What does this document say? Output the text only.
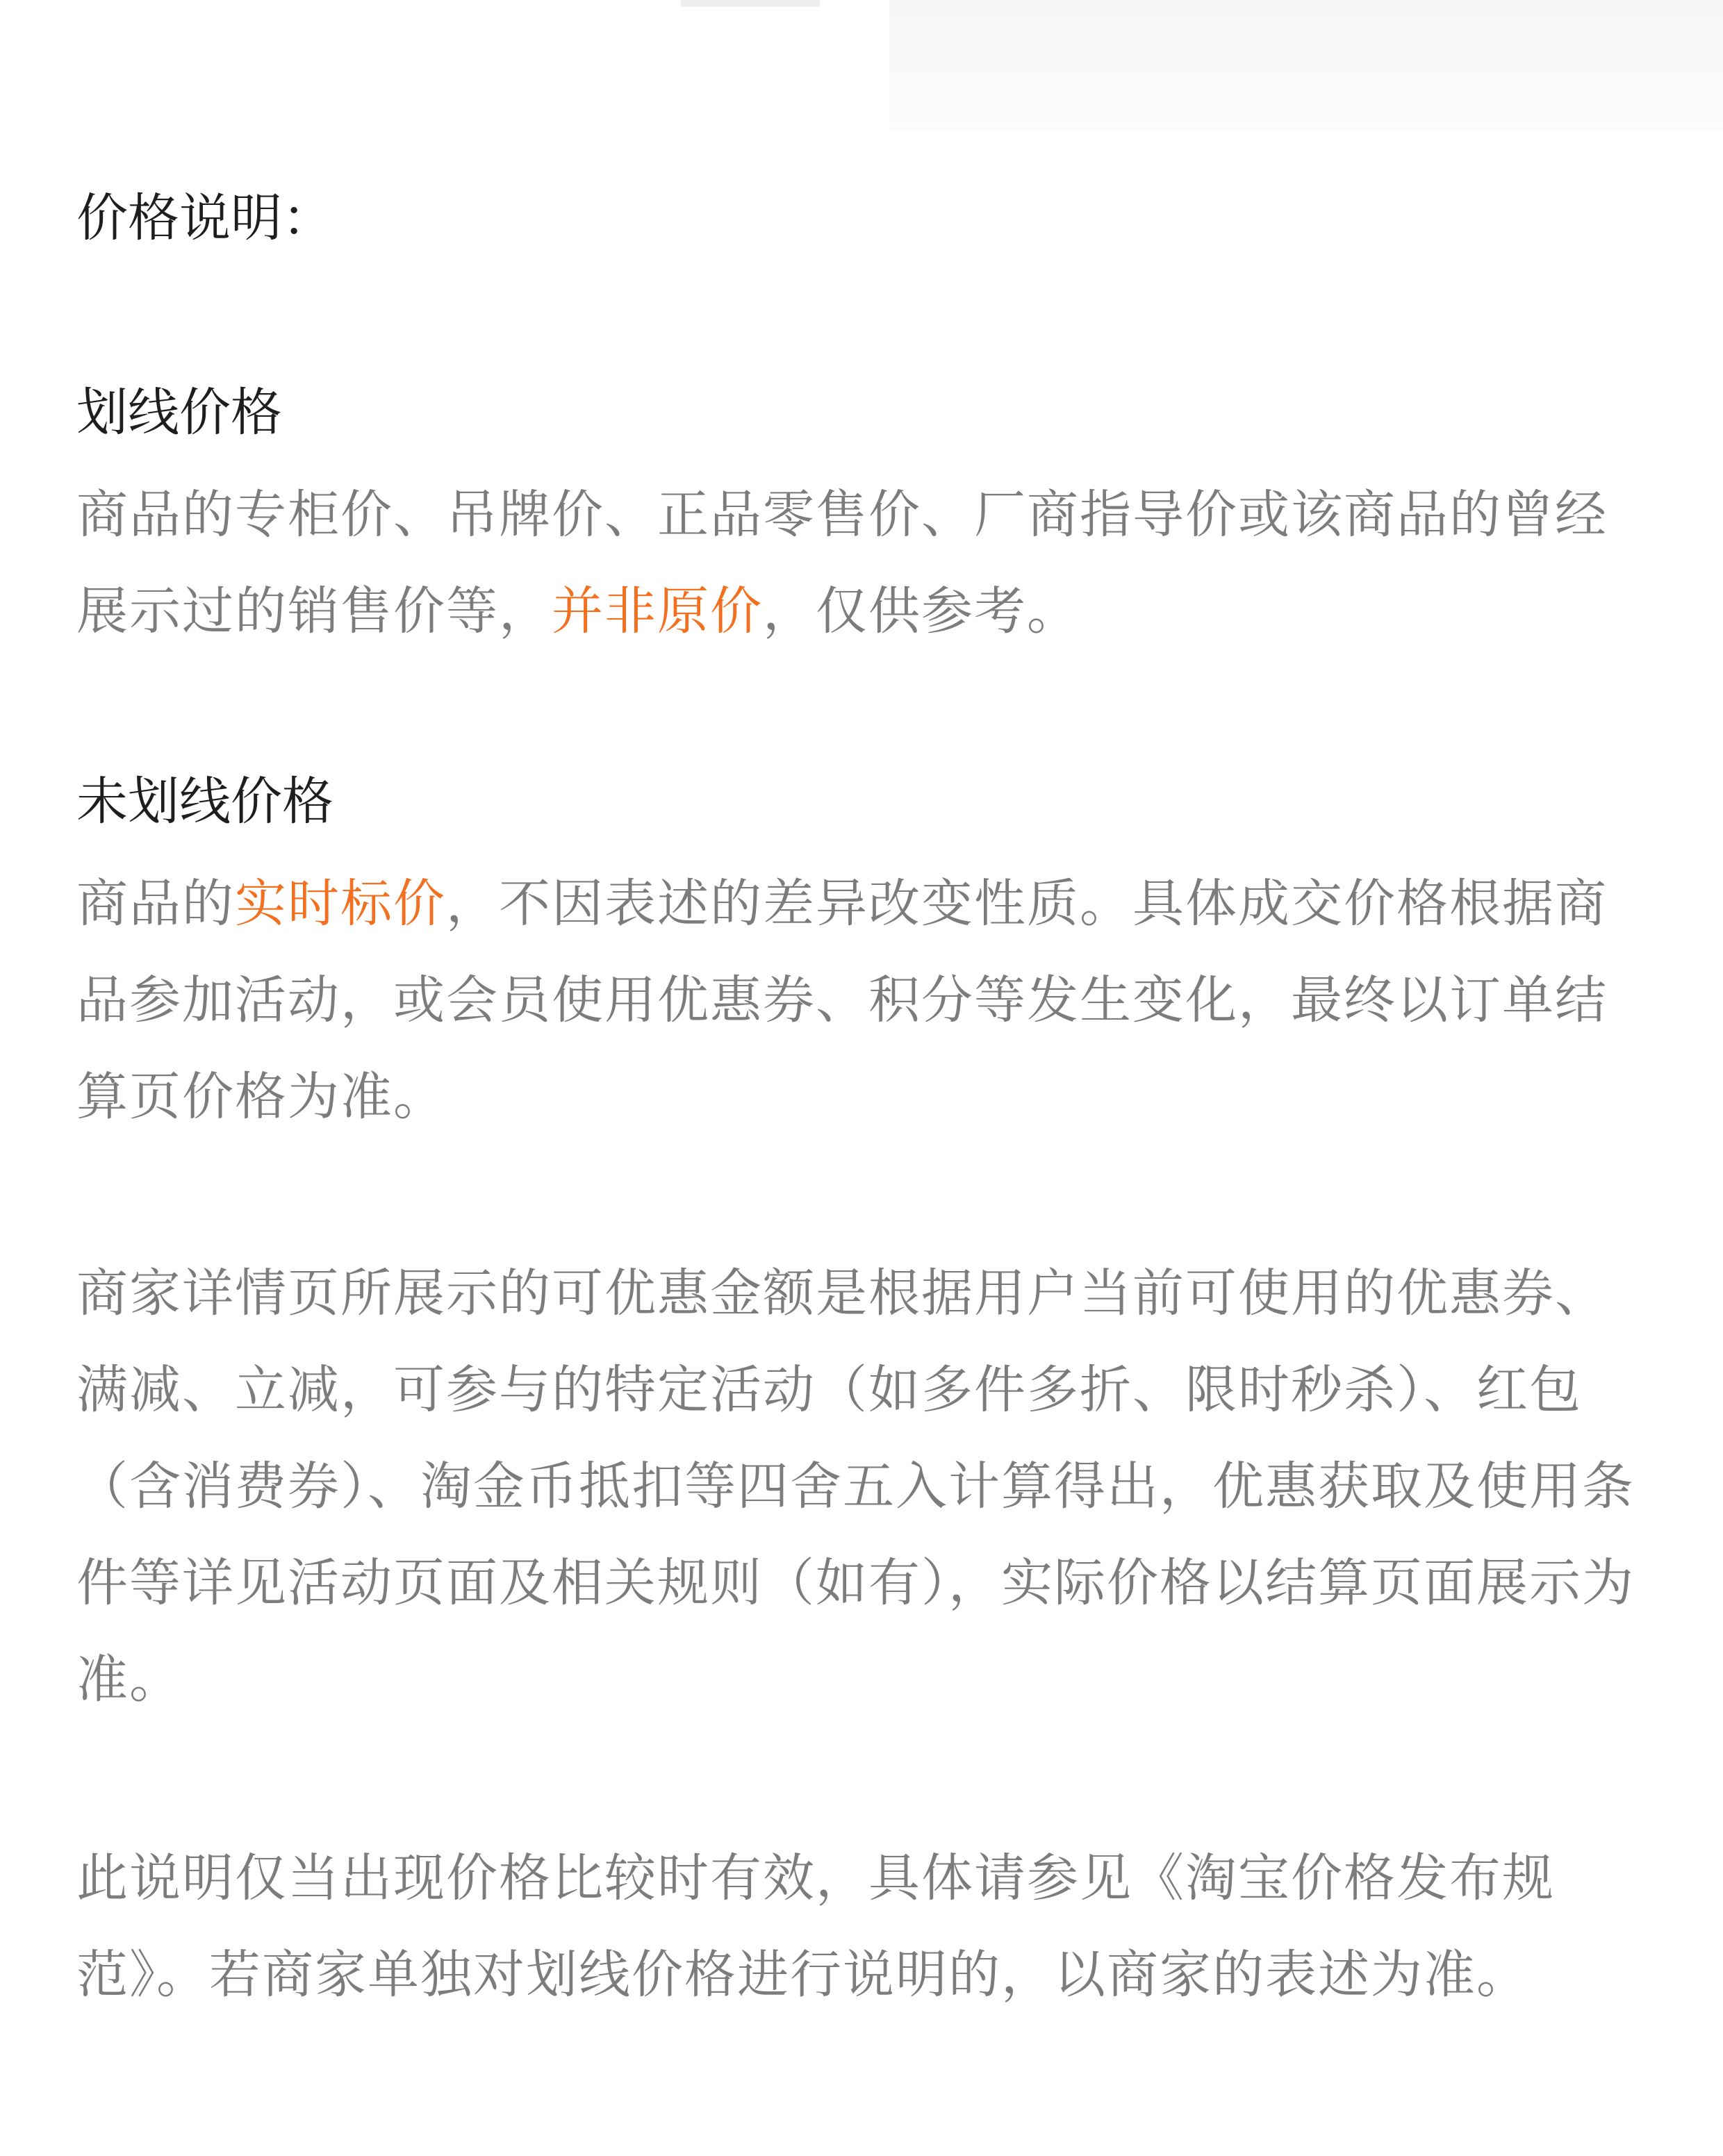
价格说明：
划线价格

商品的专柜价、吊牌价、正品零售价、厂商指导价或该商品的曾经展示过的销售价等，并非原价，仅供参考。

未划线价格

商品的实时标价，不因表述的差异改变性质。具体成交价格根据商品参加活动，或会员使用优惠券、积分等发生变化，最终以订单结算页价格为准。

商家详情页所展示的可优惠金额是根据用户当前可使用的优惠券、满减、立减，可参与的特定活动（如多件多折、限时秒杀）、红包（含消费券）、淘金币抵扣等四舍五入计算得出，优惠获取及使用条件等详见活动页面及相关规则（如有），实际价格以结算页面展示为准。

此说明仅当出现价格比较时有效，具体请参见《淘宝价格发布规范》。若商家单独对划线价格进行说明的，以商家的表述为准。
